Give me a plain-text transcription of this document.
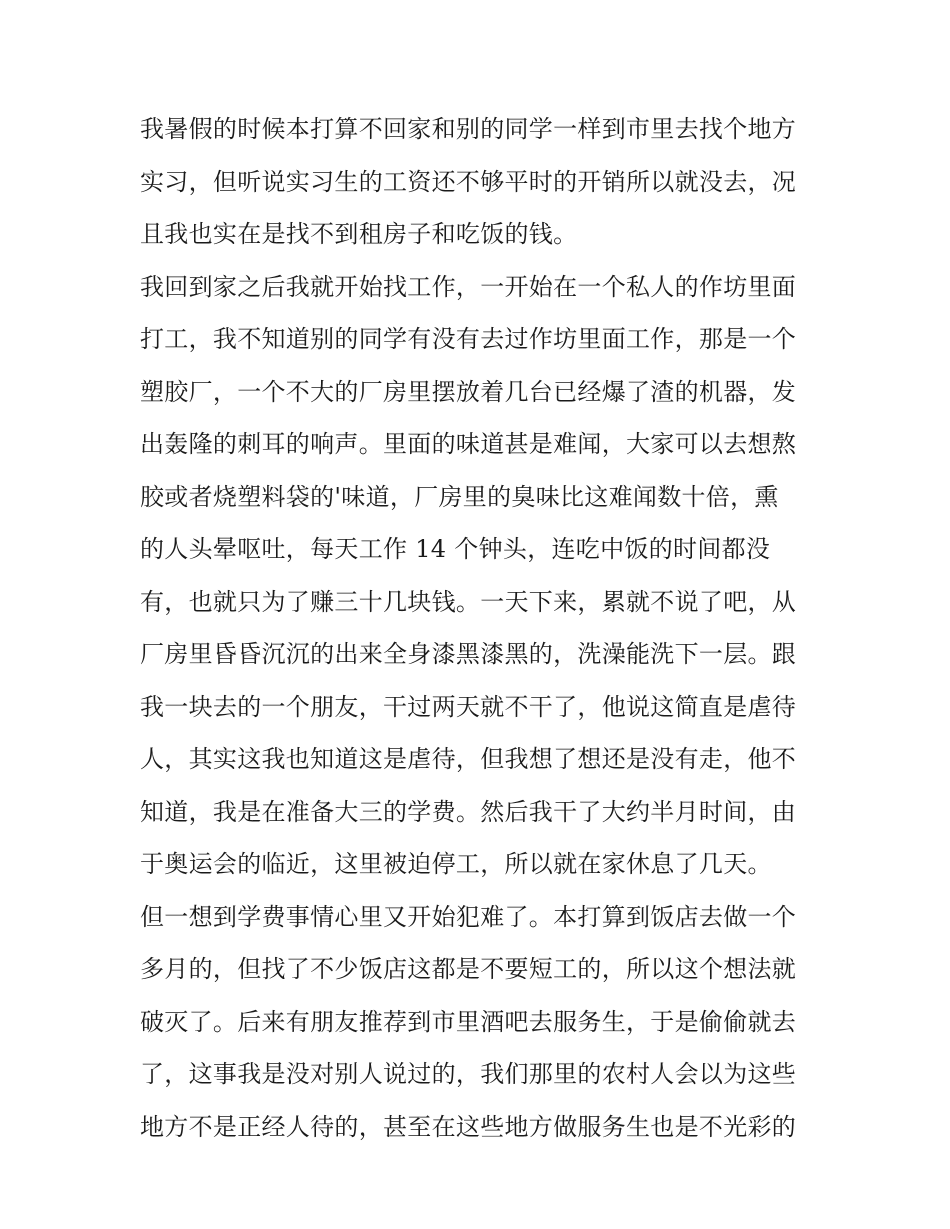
我暑假的时候本打算不回家和别的同学一样到市里去找个地方
实习，但听说实习生的工资还不够平时的开销所以就没去，况
且我也实在是找不到租房子和吃饭的钱。
我回到家之后我就开始找工作，一开始在一个私人的作坊里面
打工，我不知道别的同学有没有去过作坊里面工作，那是一个
塑胶厂，一个不大的厂房里摆放着几台已经爆了渣的机器，发
出轰隆的刺耳的响声。里面的味道甚是难闻，大家可以去想熬
胶或者烧塑料袋的'味道，厂房里的臭味比这难闻数十倍，熏
的人头晕呕吐，每天工作 14 个钟头，连吃中饭的时间都没
有，也就只为了赚三十几块钱。一天下来，累就不说了吧，从
厂房里昏昏沉沉的出来全身漆黑漆黑的，洗澡能洗下一层。跟
我一块去的一个朋友，干过两天就不干了，他说这简直是虐待
人，其实这我也知道这是虐待，但我想了想还是没有走，他不
知道，我是在准备大三的学费。然后我干了大约半月时间，由
于奥运会的临近，这里被迫停工，所以就在家休息了几天。
但一想到学费事情心里又开始犯难了。本打算到饭店去做一个
多月的，但找了不少饭店这都是不要短工的，所以这个想法就
破灭了。后来有朋友推荐到市里酒吧去服务生，于是偷偷就去
了，这事我是没对别人说过的，我们那里的农村人会以为这些
地方不是正经人待的，甚至在这些地方做服务生也是不光彩的
